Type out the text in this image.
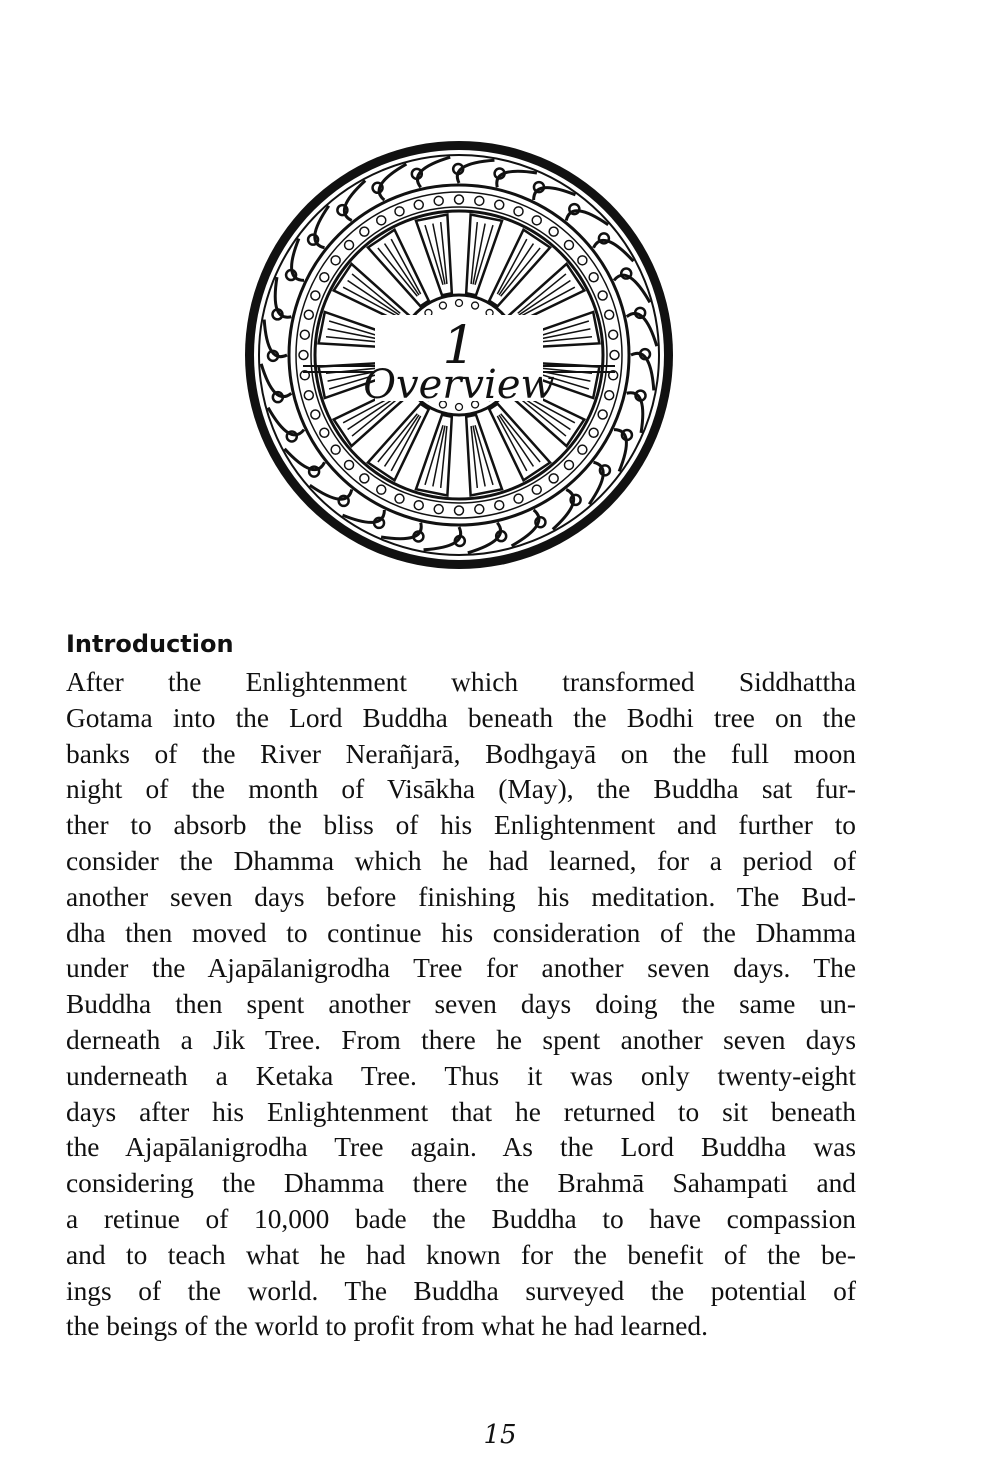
1
Overview
Introduction
After the Enlightenment which transformed Siddhattha
Gotama into the Lord Buddha beneath the Bodhi tree on the
banks of the River Nerañjarā, Bodhgayā on the full moon
night of the month of Visākha (May), the Buddha sat fur-
ther to absorb the bliss of his Enlightenment and further to
consider the Dhamma which he had learned, for a period of
another seven days before finishing his meditation. The Bud-
dha then moved to continue his consideration of the Dhamma
under the Ajapālanigrodha Tree for another seven days. The
Buddha then spent another seven days doing the same un-
derneath a Jik Tree. From there he spent another seven days
underneath a Ketaka Tree. Thus it was only twenty-eight
days after his Enlightenment that he returned to sit beneath
the Ajapālanigrodha Tree again. As the Lord Buddha was
considering the Dhamma there the Brahmā Sahampati and
a retinue of 10,000 bade the Buddha to have compassion
and to teach what he had known for the benefit of the be-
ings of the world. The Buddha surveyed the potential of
the beings of the world to profit from what he had learned.
15
